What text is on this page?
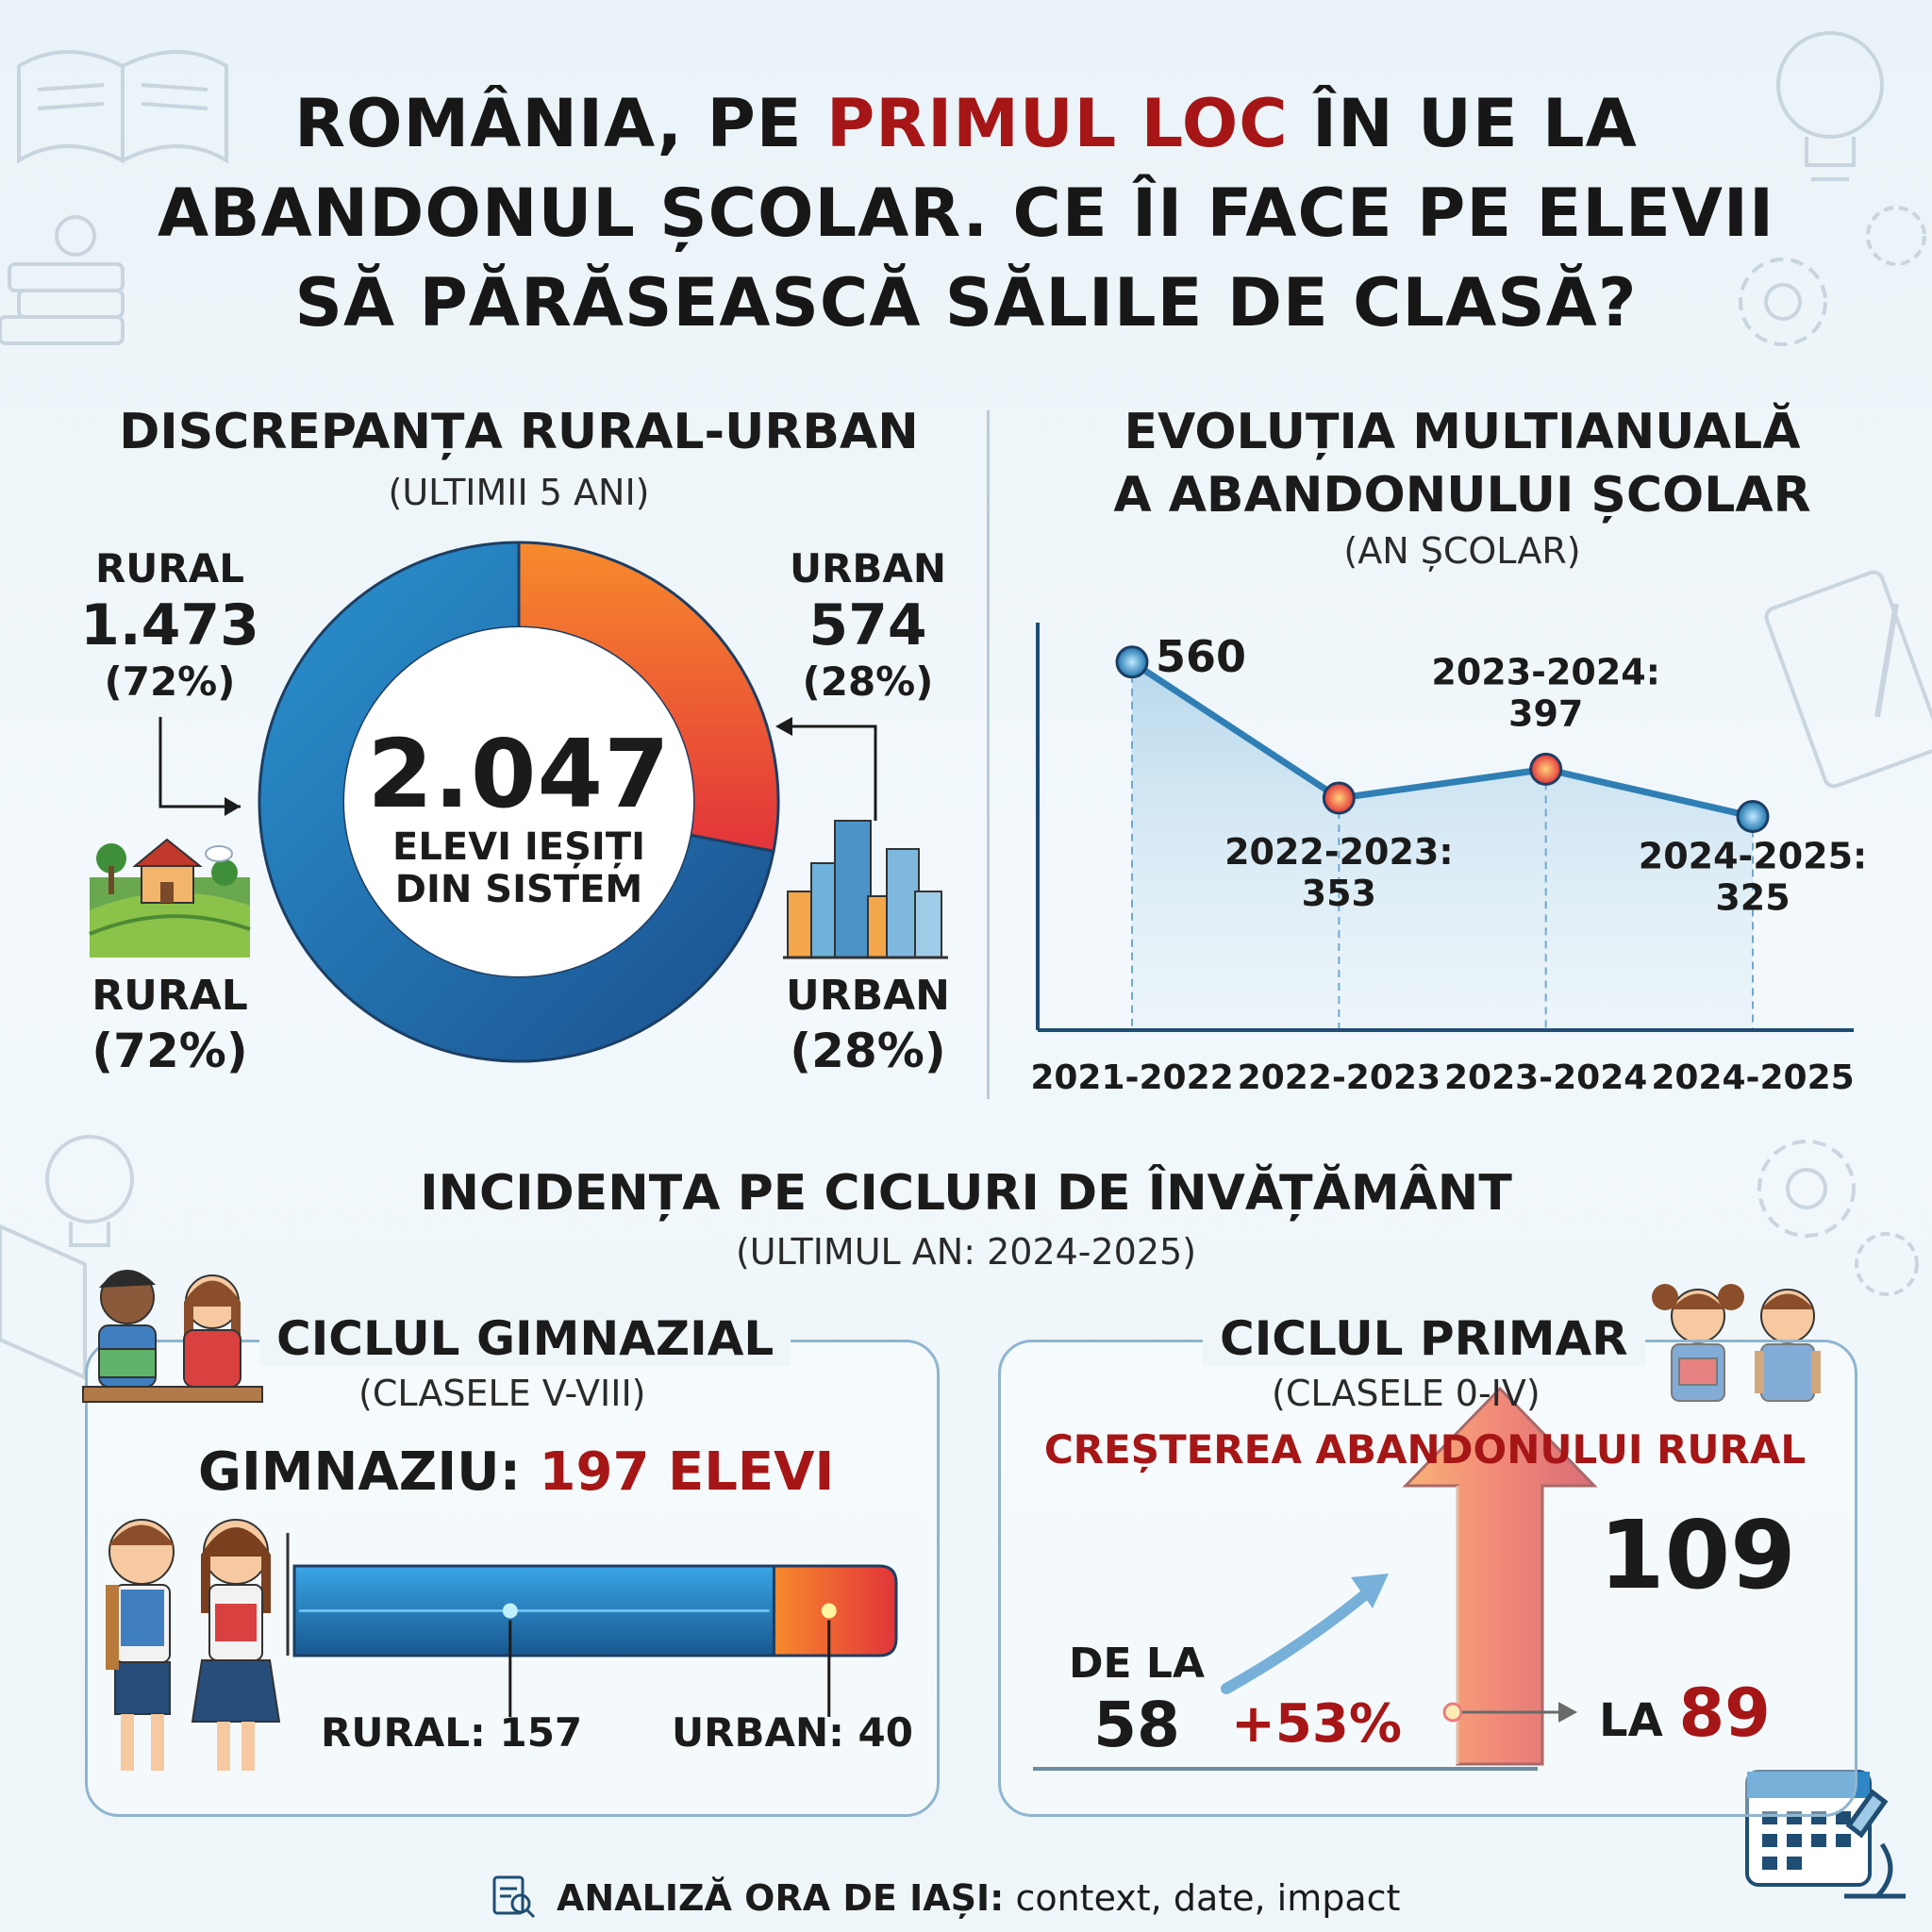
ROMÂNIA, PE PRIMUL LOC ÎN UE LA
ABANDONUL ȘCOLAR. CE ÎI FACE PE ELEVII
SĂ PĂRĂSEASCĂ SĂLILE DE CLASĂ?
DISCREPANȚA RURAL-URBAN
(ULTIMII 5 ANI)
RURAL
1.473
(72%)
URBAN
574
(28%)
RURAL
(72%)
URBAN
(28%)
2.047
ELEVI IEȘIȚI
DIN SISTEM
EVOLUȚIA MULTIANUALĂ
A ABANDONULUI ȘCOLAR
(AN ȘCOLAR)
560
2022-2023:
353
2023-2024:
397
2024-2025:
325
2021-2022 2022-2023 2023-2024 2024-2025
INCIDENȚA PE CICLURI DE ÎNVĂȚĂMÂNT
(ULTIMUL AN: 2024-2025)
CICLUL GIMNAZIAL
(CLASELE V-VIII)
GIMNAZIU: 197 ELEVI
RURAL: 157 URBAN: 40
CICLUL PRIMAR
(CLASELE 0-IV)
CREȘTEREA ABANDONULUI RURAL
109
DE LA
58 +53%	LA 89
ANALIZĂ ORA DE IAȘI: context, date, impact
